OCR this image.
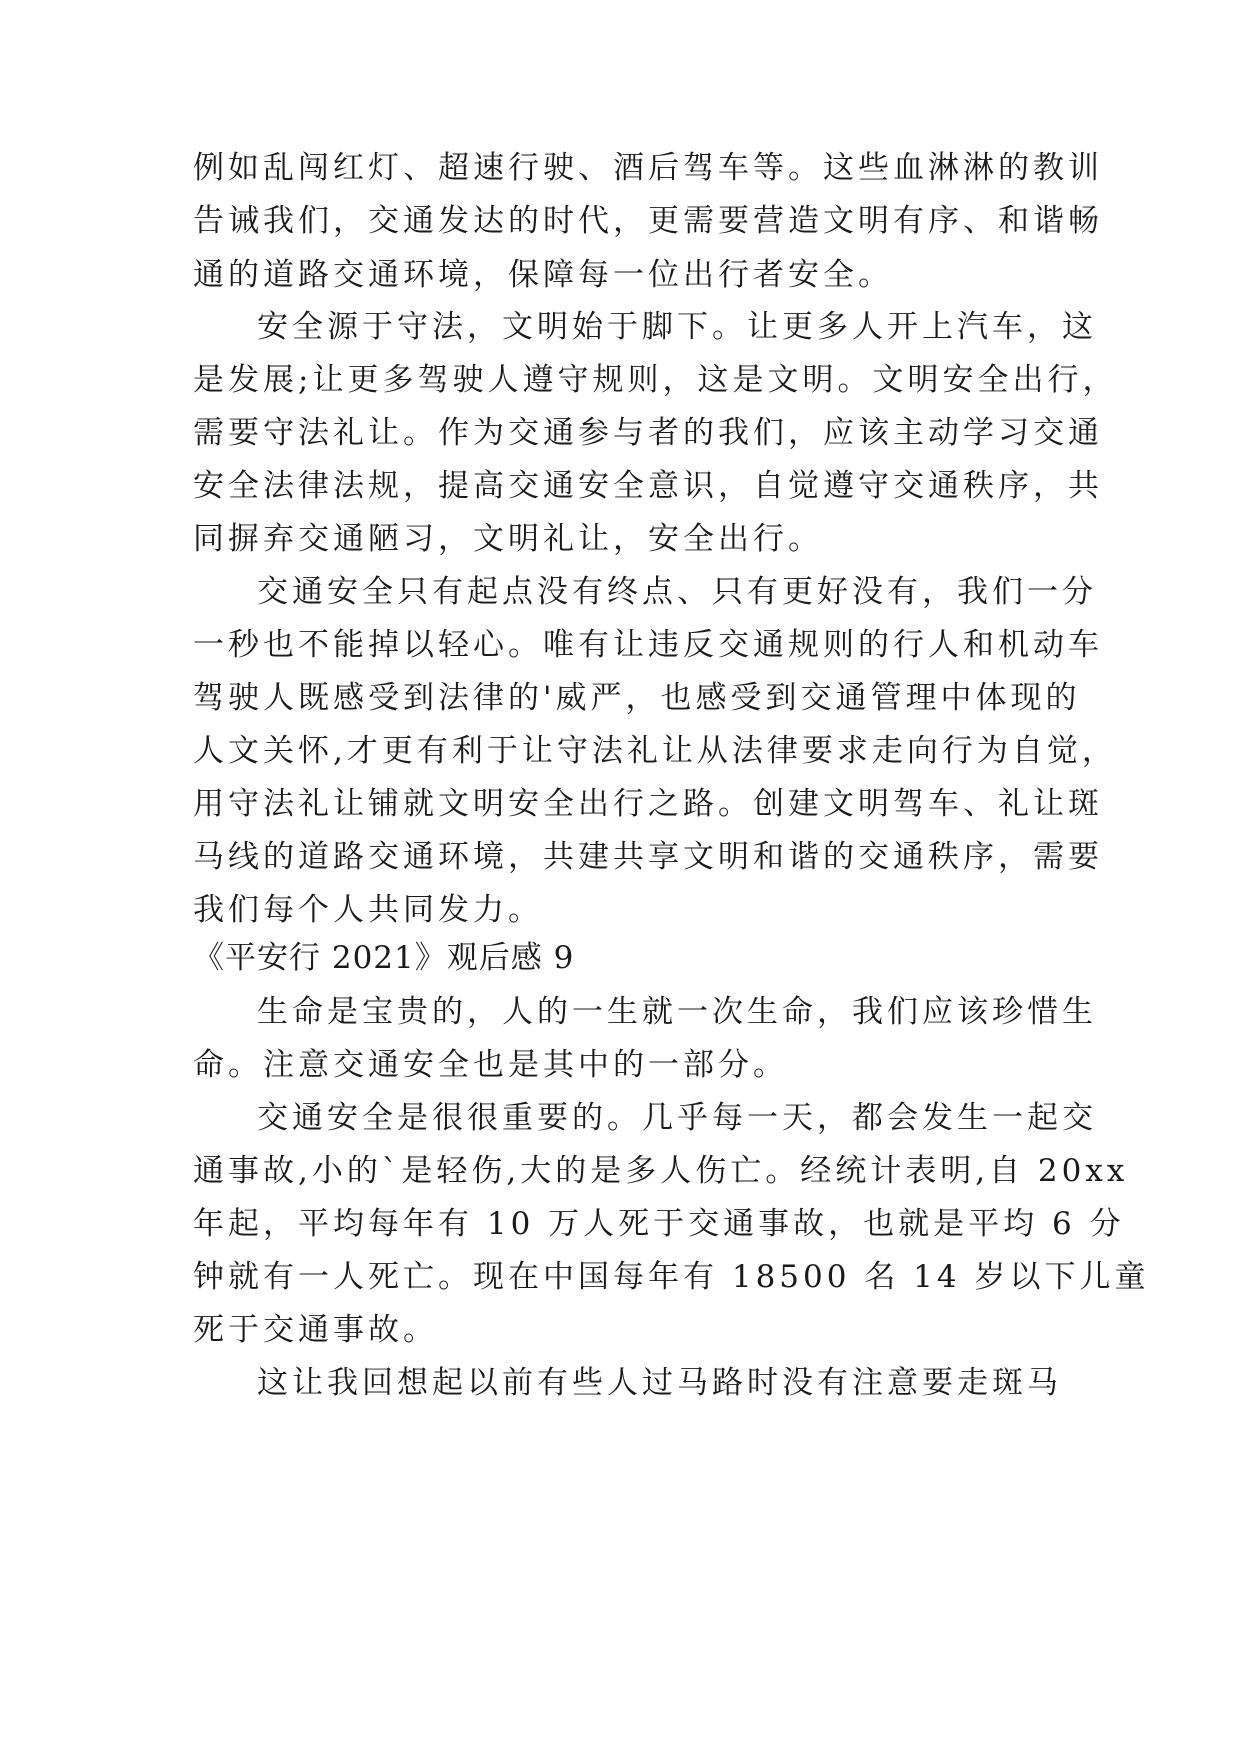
例如乱闯红灯、超速行驶、酒后驾车等。这些血淋淋的教训
告诫我们，交通发达的时代，更需要营造文明有序、和谐畅
通的道路交通环境，保障每一位出行者安全。
安全源于守法，文明始于脚下。让更多人开上汽车，这
是发展;让更多驾驶人遵守规则，这是文明。文明安全出行，
需要守法礼让。作为交通参与者的我们，应该主动学习交通
安全法律法规，提高交通安全意识，自觉遵守交通秩序，共
同摒弃交通陋习，文明礼让，安全出行。
交通安全只有起点没有终点、只有更好没有，我们一分
一秒也不能掉以轻心。唯有让违反交通规则的行人和机动车
驾驶人既感受到法律的'威严，也感受到交通管理中体现的
人文关怀,才更有利于让守法礼让从法律要求走向行为自觉，
用守法礼让铺就文明安全出行之路。创建文明驾车、礼让斑
马线的道路交通环境，共建共享文明和谐的交通秩序，需要
我们每个人共同发力。
《平安行 2021》观后感 9
生命是宝贵的，人的一生就一次生命，我们应该珍惜生
命。注意交通安全也是其中的一部分。
交通安全是很很重要的。几乎每一天，都会发生一起交
通事故,小的`是轻伤,大的是多人伤亡。经统计表明,自 20xx
年起，平均每年有 10 万人死于交通事故，也就是平均 6 分
钟就有一人死亡。现在中国每年有 18500 名 14 岁以下儿童
死于交通事故。
这让我回想起以前有些人过马路时没有注意要走斑马
